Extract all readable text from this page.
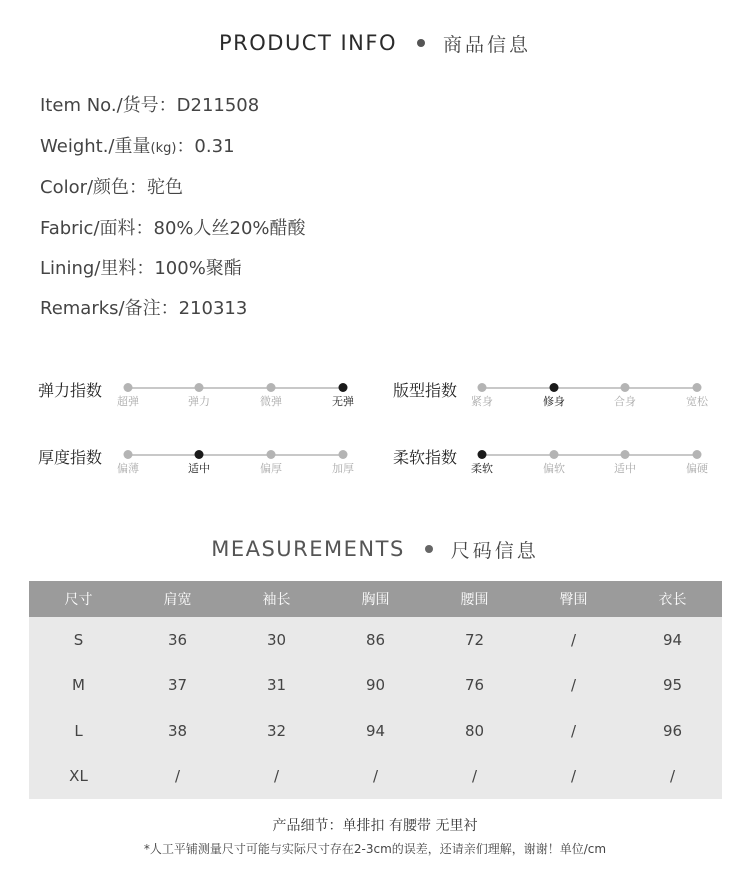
PRODUCT INFO 商品信息
Item No./货号：D211508
Weight./重量(kg)：0.31
Color/颜色：驼色
Fabric/面料：80%人丝20%醋酸
Lining/里料：100%聚酯
Remarks/备注：210313
弹力指数
超弹	弹力	微弹	无弹
版型指数
紧身	修身	合身	宽松
厚度指数
偏薄	适中	偏厚	加厚
柔软指数
柔软	偏软	适中	偏硬
MEASUREMENTS 尺码信息
尺寸	肩宽	袖长	胸围	腰围	臀围	衣长
S	36	30	86	72	/	94
M	37	31	90	76	/	95
L	38	32	94	80	/	96
XL	/	/	/	/	/	/
产品细节：单排扣 有腰带 无里衬
*人工平铺测量尺寸可能与实际尺寸存在2-3cm的误差，还请亲们理解，谢谢！单位/cm
